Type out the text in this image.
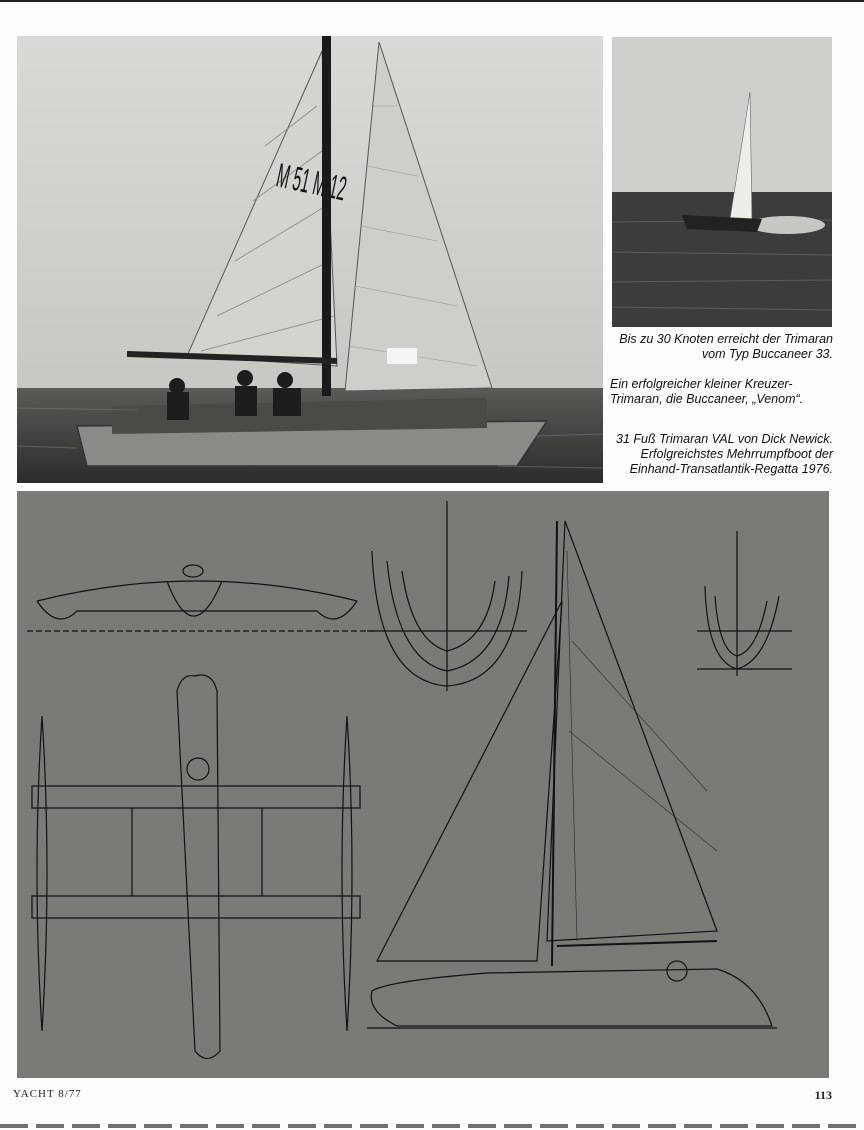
Bis zu 30 Knoten erreicht der Trimaran vom Typ Buccaneer 33.
Ein erfolgreicher kleiner Kreuzer-Trimaran, die Buccaneer, „Venom“.
31 Fuß Trimaran VAL von Dick Newick. Erfolgreichstes Mehrrumpfboot der Einhand-Transatlantik-Regatta 1976.
YACHT 8/77	113
